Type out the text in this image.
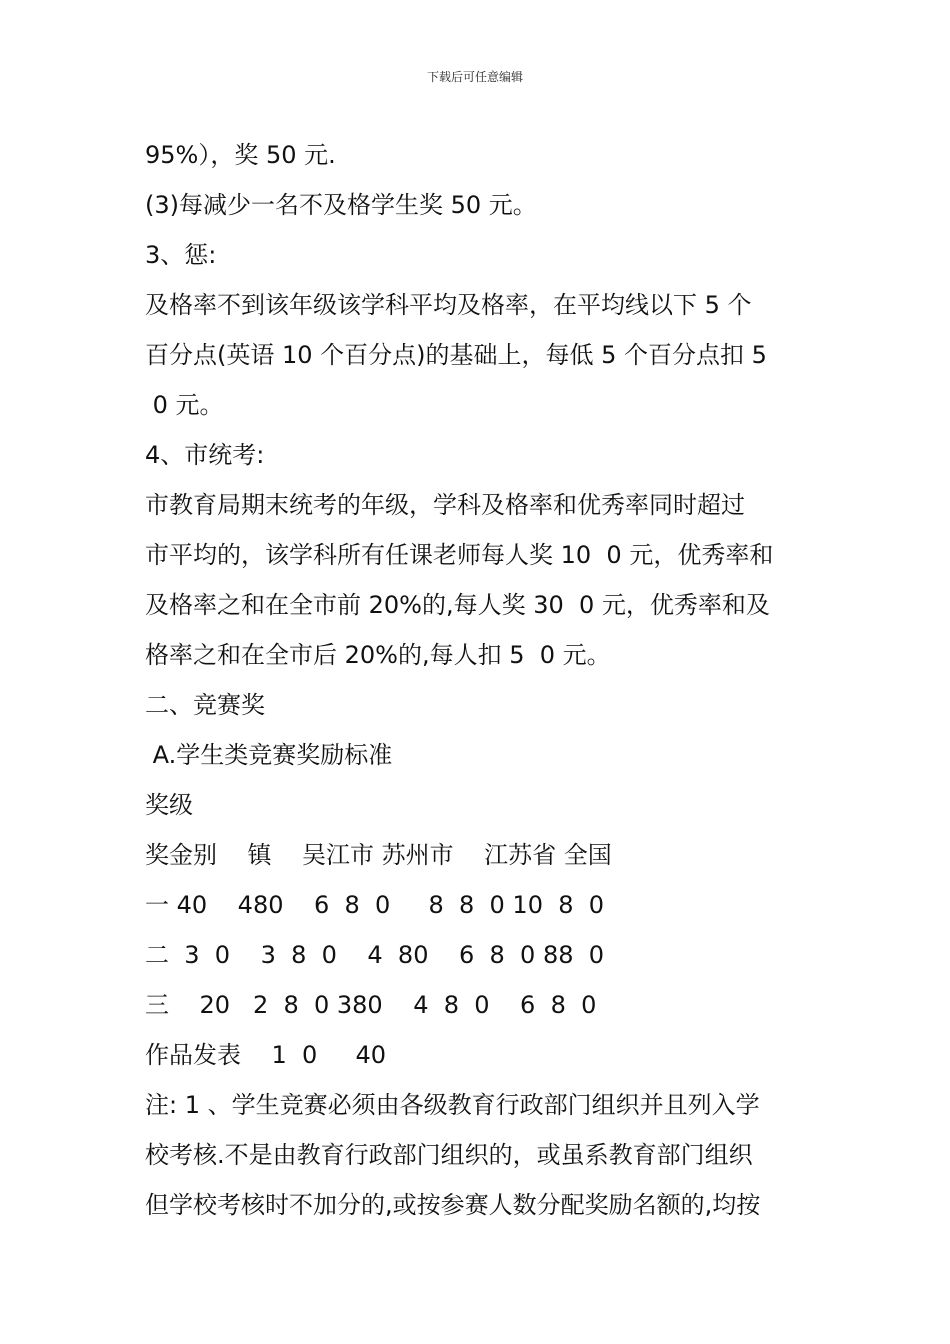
下载后可任意编辑
95%），奖 50 元.
(3)每减少一名不及格学生奖 50 元。
3、惩:
及格率不到该年级该学科平均及格率，在平均线以下 5 个
百分点(英语 10 个百分点)的基础上，每低 5 个百分点扣 5
0 元。
4、市统考:
市教育局期末统考的年级，学科及格率和优秀率同时超过
市平均的，该学科所有任课老师每人奖 10  0 元，优秀率和
及格率之和在全市前 20%的,每人奖 30  0 元，优秀率和及
格率之和在全市后 20%的,每人扣 5  0 元。
二、竞赛奖
A.学生类竞赛奖励标准
奖级
奖金别    镇    吴江市 苏州市    江苏省 全国
一 40    480    6  8  0     8  8  0 10  8  0
二  3  0    3  8  0    4  80    6  8  0 88  0
三    20   2  8  0 380    4  8  0    6  8  0
作品发表    1  0     40
注: 1 、学生竞赛必须由各级教育行政部门组织并且列入学
校考核.不是由教育行政部门组织的，或虽系教育部门组织
但学校考核时不加分的,或按参赛人数分配奖励名额的,均按
